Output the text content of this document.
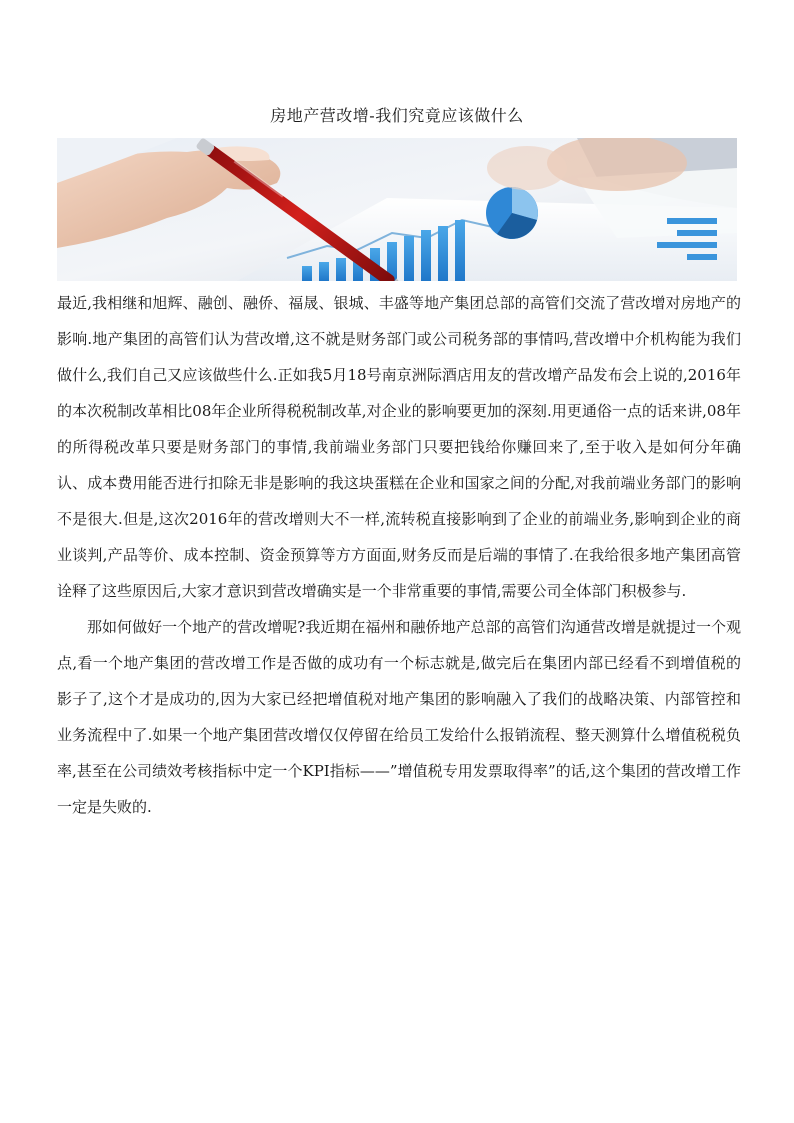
房地产营改增-我们究竟应该做什么

最近,我相继和旭辉、融创、融侨、福晟、银城、丰盛等地产集团总部的高管们交流了营改增对房地产的影响.地产集团的高管们认为营改增,这不就是财务部门或公司税务部的事情吗,营改增中介机构能为我们做什么,我们自己又应该做些什么.正如我5月18号南京洲际酒店用友的营改增产品发布会上说的,2016年的本次税制改革相比08年企业所得税税制改革,对企业的影响要更加的深刻.用更通俗一点的话来讲,08年的所得税改革只要是财务部门的事情,我前端业务部门只要把钱给你赚回来了,至于收入是如何分年确认、成本费用能否进行扣除无非是影响的我这块蛋糕在企业和国家之间的分配,对我前端业务部门的影响不是很大.但是,这次2016年的营改增则大不一样,流转税直接影响到了企业的前端业务,影响到企业的商业谈判,产品等价、成本控制、资金预算等方方面面,财务反而是后端的事情了.在我给很多地产集团高管诠释了这些原因后,大家才意识到营改增确实是一个非常重要的事情,需要公司全体部门积极参与.

那如何做好一个地产的营改增呢?我近期在福州和融侨地产总部的高管们沟通营改增是就提过一个观点,看一个地产集团的营改增工作是否做的成功有一个标志就是,做完后在集团内部已经看不到增值税的影子了,这个才是成功的,因为大家已经把增值税对地产集团的影响融入了我们的战略决策、内部管控和业务流程中了.如果一个地产集团营改增仅仅停留在给员工发给什么报销流程、整天测算什么增值税税负率,甚至在公司绩效考核指标中定一个KPI指标——”增值税专用发票取得率”的话,这个集团的营改增工作一定是失败的.
